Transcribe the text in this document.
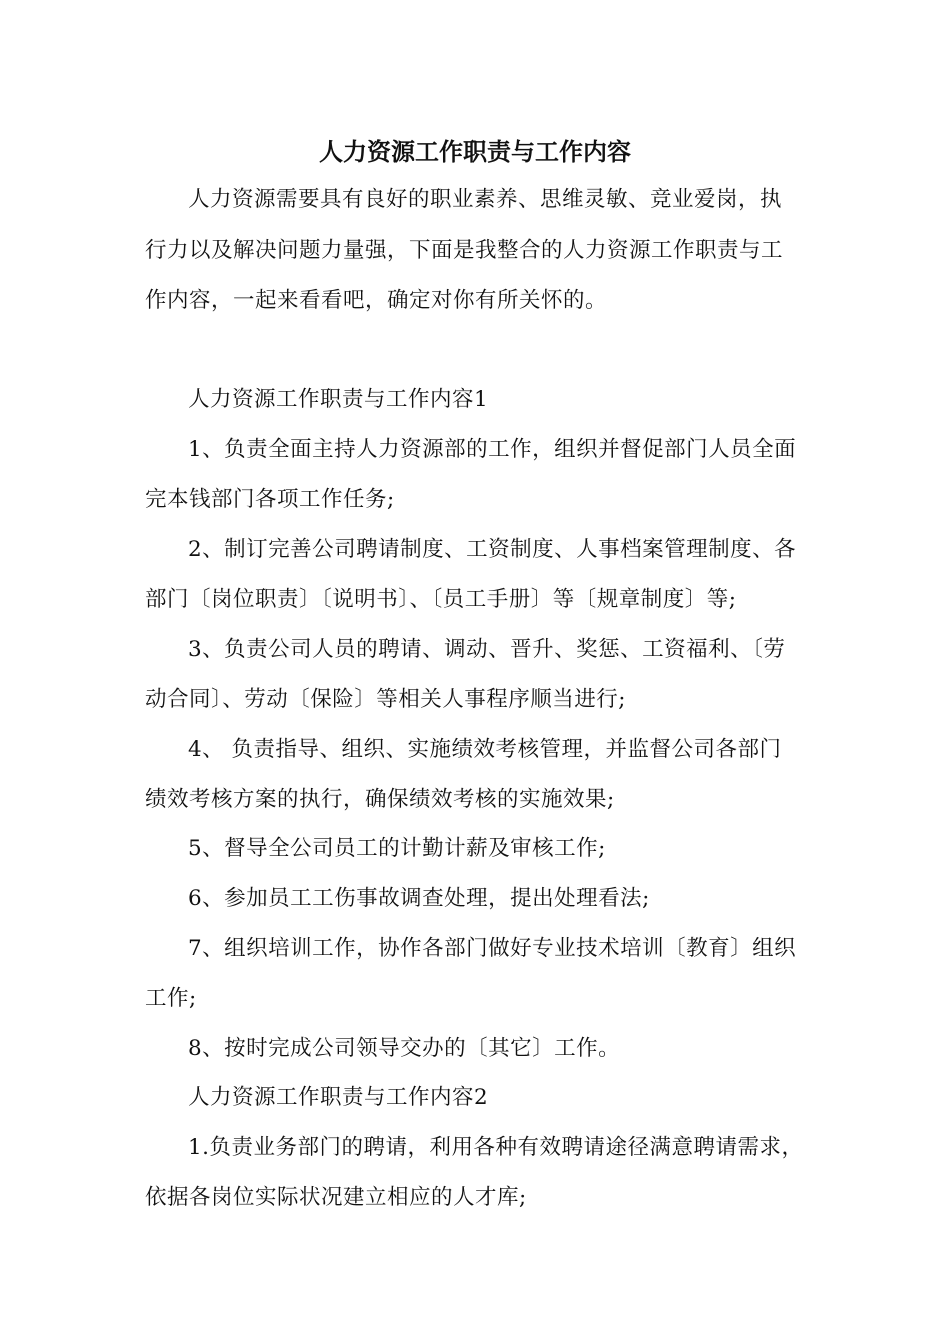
人力资源工作职责与工作内容
人力资源需要具有良好的职业素养、思维灵敏、竞业爱岗，执
行力以及解决问题力量强，下面是我整合的人力资源工作职责与工
作内容，一起来看看吧，确定对你有所关怀的。
人力资源工作职责与工作内容1
1、负责全面主持人力资源部的工作，组织并督促部门人员全面
完本钱部门各项工作任务;
2、制订完善公司聘请制度、工资制度、人事档案管理制度、各
部门〔岗位职责〕〔说明书〕、〔员工手册〕等〔规章制度〕等;
3、负责公司人员的聘请、调动、晋升、奖惩、工资福利、〔劳
动合同〕、劳动〔保险〕等相关人事程序顺当进行;
4、 负责指导、组织、实施绩效考核管理，并监督公司各部门
绩效考核方案的执行，确保绩效考核的实施效果;
5、督导全公司员工的计勤计薪及审核工作;
6、参加员工工伤事故调查处理，提出处理看法;
7、组织培训工作，协作各部门做好专业技术培训〔教育〕组织
工作;
8、按时完成公司领导交办的〔其它〕工作。
人力资源工作职责与工作内容2
1.负责业务部门的聘请，利用各种有效聘请途径满意聘请需求，
依据各岗位实际状况建立相应的人才库;
